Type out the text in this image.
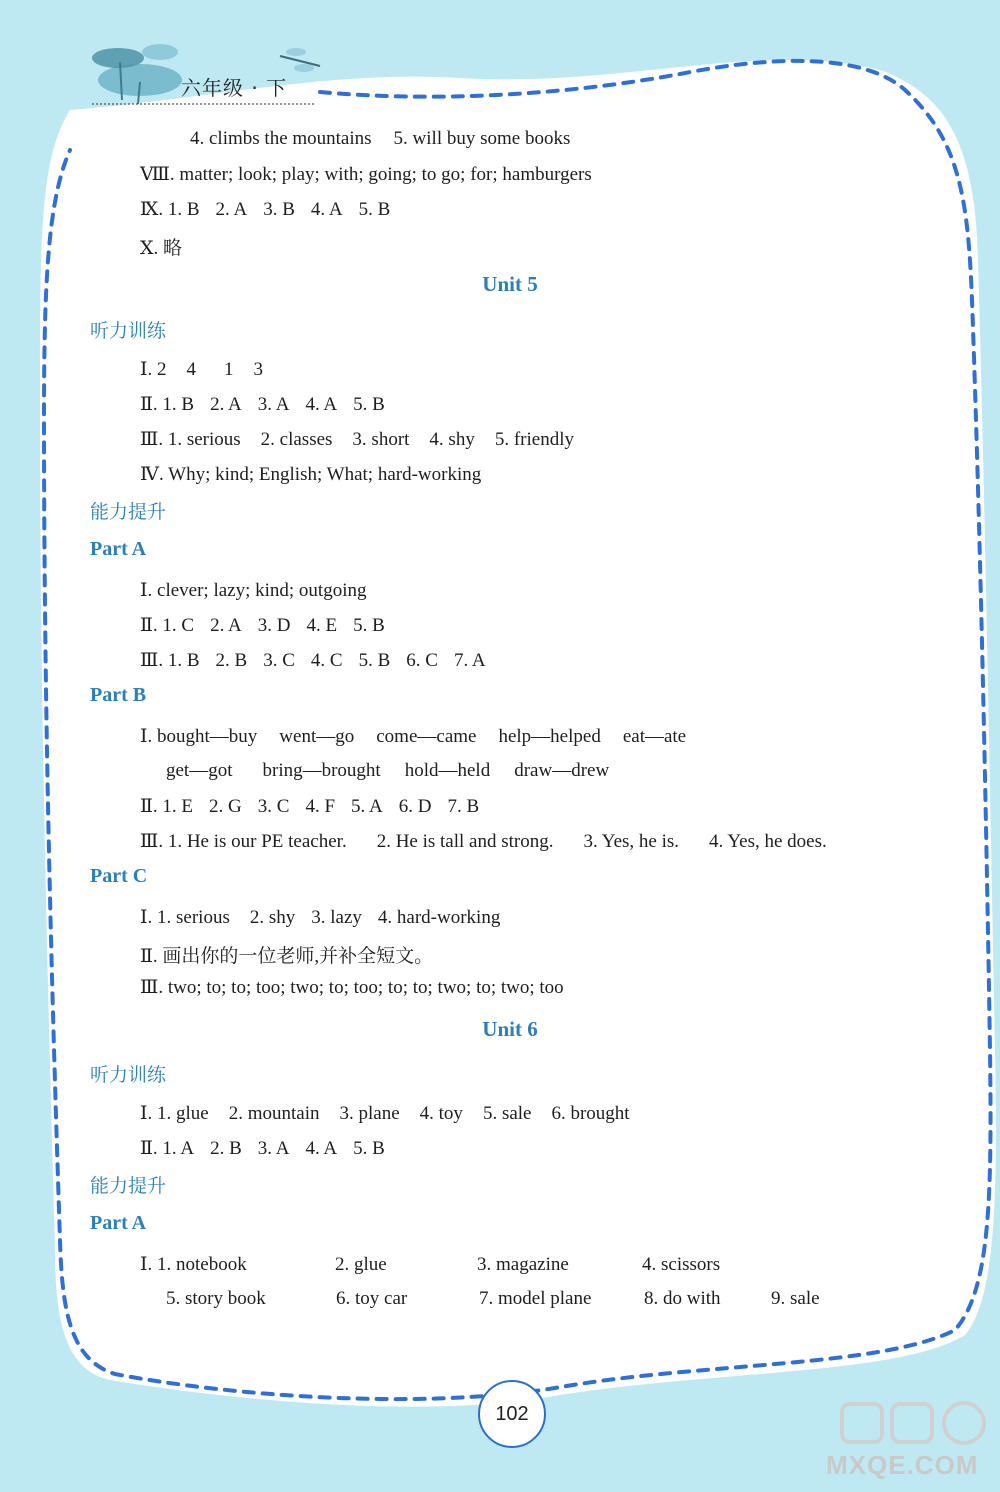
六年级 · 下
4. climbs the mountains 5. will buy some books
Ⅷ. matter; look; play; with; going; to go; for; hamburgers
Ⅸ. 1. B 2. A 3. B 4. A 5. B
Ⅹ. 略
Ⅰ. 2 4 1 3
Ⅱ. 1. B 2. A 3. A 4. A 5. B
Ⅲ. 1. serious 2. classes 3. short 4. shy 5. friendly
Ⅳ. Why; kind; English; What; hard-working
Ⅰ. clever; lazy; kind; outgoing
Ⅱ. 1. C 2. A 3. D 4. E 5. B
Ⅲ. 1. B 2. B 3. C 4. C 5. B 6. C 7. A
Ⅰ. bought—buy went—go come—came help—helped eat—ate
get—got bring—brought hold—held draw—drew
Ⅱ. 1. E 2. G 3. C 4. F 5. A 6. D 7. B
Ⅲ. 1. He is our PE teacher. 2. He is tall and strong. 3. Yes, he is. 4. Yes, he does.
Ⅰ. 1. serious 2. shy 3. lazy 4. hard-working
Ⅱ. 画出你的一位老师,并补全短文。
Ⅲ. two; to; to; too; two; to; too; to; to; two; to; two; too
Ⅰ. 1. glue 2. mountain 3. plane 4. toy 5. sale 6. brought
Ⅱ. 1. A 2. B 3. A 4. A 5. B
Ⅰ. 1. notebook	2. glue	3. magazine	4. scissors
5. story book	6. toy car	7. model plane	8. do with	9. sale
Unit 5
听力训练
能力提升
Part A
Part B
Part C
Unit 6
听力训练
能力提升
Part A
102
MXQE.COM
